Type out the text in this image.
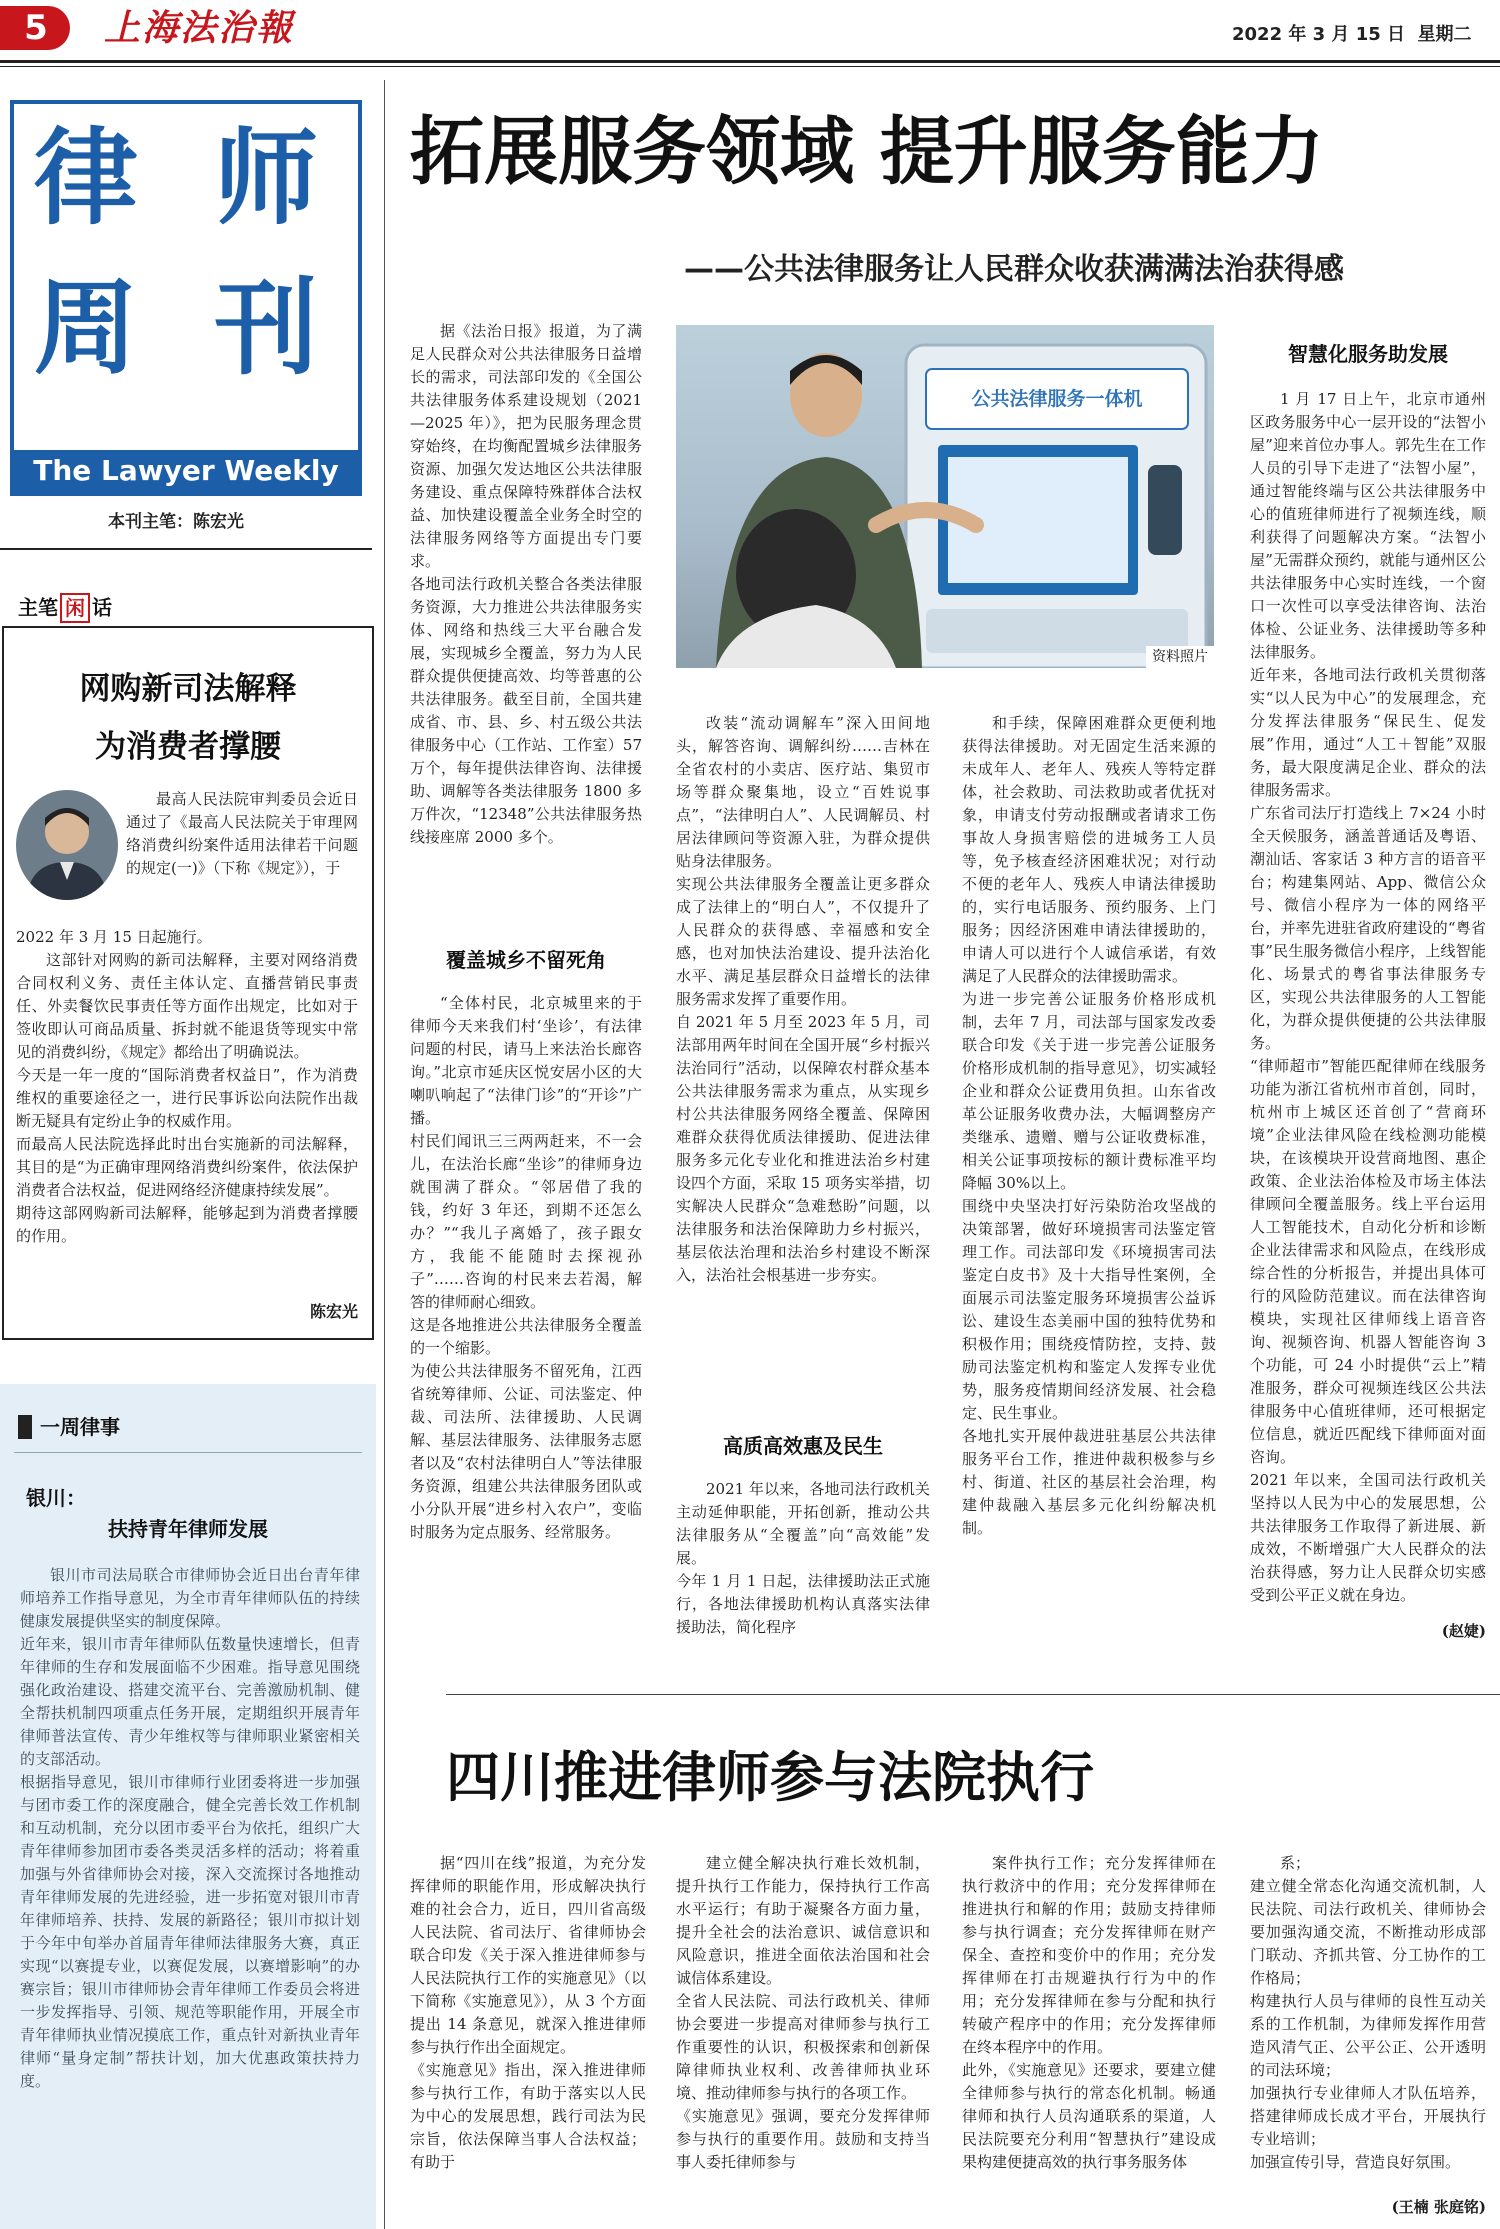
5 上海法治報	2022 年 3 月 15 日 星期二
律 师
周 刊
The Lawyer Weekly
本刊主笔：陈宏光
主笔 闲 话
网购新司法解释
为消费者撑腰
最高人民法院审判委员会近日通过了《最高人民法院关于审理网络消费纠纷案件适用法律若干问题的规定(一)》（下称《规定》），于
2022 年 3 月 15 日起施行。
这部针对网购的新司法解释，主要对网络消费合同权利义务、责任主体认定、直播营销民事责任、外卖餐饮民事责任等方面作出规定，比如对于签收即认可商品质量、拆封就不能退货等现实中常见的消费纠纷，《规定》都给出了明确说法。
今天是一年一度的“国际消费者权益日”，作为消费维权的重要途径之一，进行民事诉讼向法院作出裁断无疑具有定纷止争的权威作用。
而最高人民法院选择此时出台实施新的司法解释，其目的是“为正确审理网络消费纠纷案件，依法保护消费者合法权益，促进网络经济健康持续发展”。
期待这部网购新司法解释，能够起到为消费者撑腰的作用。
陈宏光
一周律事
银川：
扶持青年律师发展
银川市司法局联合市律师协会近日出台青年律师培养工作指导意见，为全市青年律师队伍的持续健康发展提供坚实的制度保障。
近年来，银川市青年律师队伍数量快速增长，但青年律师的生存和发展面临不少困难。指导意见围绕强化政治建设、搭建交流平台、完善激励机制、健全帮扶机制四项重点任务开展，定期组织开展青年律师普法宣传、青少年维权等与律师职业紧密相关的支部活动。
根据指导意见，银川市律师行业团委将进一步加强与团市委工作的深度融合，健全完善长效工作机制和互动机制，充分以团市委平台为依托，组织广大青年律师参加团市委各类灵活多样的活动；将着重加强与外省律师协会对接，深入交流探讨各地推动青年律师发展的先进经验，进一步拓宽对银川市青年律师培养、扶持、发展的新路径；银川市拟计划于今年中旬举办首届青年律师法律服务大赛，真正实现“以赛提专业，以赛促发展，以赛增影响”的办赛宗旨；银川市律师协会青年律师工作委员会将进一步发挥指导、引领、规范等职能作用，开展全市青年律师执业情况摸底工作，重点针对新执业青年律师“量身定制”帮扶计划，加大优惠政策扶持力度。
拓展服务领域 提升服务能力
——公共法律服务让人民群众收获满满法治获得感
据《法治日报》报道，为了满足人民群众对公共法律服务日益增长的需求，司法部印发的《全国公共法律服务体系建设规划（2021—2025 年）》，把为民服务理念贯穿始终，在均衡配置城乡法律服务资源、加强欠发达地区公共法律服务建设、重点保障特殊群体合法权益、加快建设覆盖全业务全时空的法律服务网络等方面提出专门要求。
各地司法行政机关整合各类法律服务资源，大力推进公共法律服务实体、网络和热线三大平台融合发展，实现城乡全覆盖，努力为人民群众提供便捷高效、均等普惠的公共法律服务。截至目前，全国共建成省、市、县、乡、村五级公共法律服务中心（工作站、工作室）57 万个，每年提供法律咨询、法律援助、调解等各类法律服务 1800 多万件次，“12348”公共法律服务热线接座席 2000 多个。
覆盖城乡不留死角
“全体村民，北京城里来的于律师今天来我们村‘坐诊’，有法律问题的村民，请马上来法治长廊咨询。”北京市延庆区悦安居小区的大喇叭响起了“法律门诊”的“开诊”广播。
村民们闻讯三三两两赶来，不一会儿，在法治长廊“坐诊”的律师身边就围满了群众。“邻居借了我的钱，约好 3 年还，到期不还怎么办？”“我儿子离婚了，孩子跟女方，我能不能随时去探视孙子”……咨询的村民来去若渴，解答的律师耐心细致。
这是各地推进公共法律服务全覆盖的一个缩影。
为使公共法律服务不留死角，江西省统筹律师、公证、司法鉴定、仲裁、司法所、法律援助、人民调解、基层法律服务、法律服务志愿者以及“农村法律明白人”等法律服务资源，组建公共法律服务团队或小分队开展“进乡村入农户”，变临时服务为定点服务、经常服务。
公共法律服务一体机
资料照片
改装“流动调解车”深入田间地头，解答咨询、调解纠纷……吉林在全省农村的小卖店、医疗站、集贸市场等群众聚集地，设立“百姓说事点”，“法律明白人”、人民调解员、村居法律顾问等资源入驻，为群众提供贴身法律服务。
实现公共法律服务全覆盖让更多群众成了法律上的“明白人”，不仅提升了人民群众的获得感、幸福感和安全感，也对加快法治建设、提升法治化水平、满足基层群众日益增长的法律服务需求发挥了重要作用。
自 2021 年 5 月至 2023 年 5 月，司法部用两年时间在全国开展“乡村振兴 法治同行”活动，以保障农村群众基本公共法律服务需求为重点，从实现乡村公共法律服务网络全覆盖、保障困难群众获得优质法律援助、促进法律服务多元化专业化和推进法治乡村建设四个方面，采取 15 项务实举措，切实解决人民群众“急难愁盼”问题，以法律服务和法治保障助力乡村振兴，基层依法治理和法治乡村建设不断深入，法治社会根基进一步夯实。
高质高效惠及民生
2021 年以来，各地司法行政机关主动延伸职能，开拓创新，推动公共法律服务从“全覆盖”向“高效能”发展。
今年 1 月 1 日起，法律援助法正式施行，各地法律援助机构认真落实法律援助法，简化程序
和手续，保障困难群众更便利地获得法律援助。对无固定生活来源的未成年人、老年人、残疾人等特定群体，社会救助、司法救助或者优抚对象，申请支付劳动报酬或者请求工伤事故人身损害赔偿的进城务工人员等，免予核查经济困难状况；对行动不便的老年人、残疾人申请法律援助的，实行电话服务、预约服务、上门服务；因经济困难申请法律援助的，申请人可以进行个人诚信承诺，有效满足了人民群众的法律援助需求。
为进一步完善公证服务价格形成机制，去年 7 月，司法部与国家发改委联合印发《关于进一步完善公证服务价格形成机制的指导意见》，切实减轻企业和群众公证费用负担。山东省改革公证服务收费办法，大幅调整房产类继承、遗赠、赠与公证收费标准，相关公证事项按标的额计费标准平均降幅 30%以上。
围绕中央坚决打好污染防治攻坚战的决策部署，做好环境损害司法鉴定管理工作。司法部印发《环境损害司法鉴定白皮书》及十大指导性案例，全面展示司法鉴定服务环境损害公益诉讼、建设生态美丽中国的独特优势和积极作用；围绕疫情防控，支持、鼓励司法鉴定机构和鉴定人发挥专业优势，服务疫情期间经济发展、社会稳定、民生事业。
各地扎实开展仲裁进驻基层公共法律服务平台工作，推进仲裁积极参与乡村、街道、社区的基层社会治理，构建仲裁融入基层多元化纠纷解决机制。
智慧化服务助发展
1 月 17 日上午，北京市通州区政务服务中心一层开设的“法智小屋”迎来首位办事人。郭先生在工作人员的引导下走进了“法智小屋”，通过智能终端与区公共法律服务中心的值班律师进行了视频连线，顺利获得了问题解决方案。“法智小屋”无需群众预约，就能与通州区公共法律服务中心实时连线，一个窗口一次性可以享受法律咨询、法治体检、公证业务、法律援助等多种法律服务。
近年来，各地司法行政机关贯彻落实“以人民为中心”的发展理念，充分发挥法律服务“保民生、促发展”作用，通过“人工＋智能”双服务，最大限度满足企业、群众的法律服务需求。
广东省司法厅打造线上 7×24 小时全天候服务，涵盖普通话及粤语、潮汕话、客家话 3 种方言的语音平台；构建集网站、App、微信公众号、微信小程序为一体的网络平台，并率先进驻省政府建设的“粤省事”民生服务微信小程序，上线智能化、场景式的粤省事法律服务专区，实现公共法律服务的人工智能化，为群众提供便捷的公共法律服务。
“律师超市”智能匹配律师在线服务功能为浙江省杭州市首创，同时，杭州市上城区还首创了“营商环境”企业法律风险在线检测功能模块，在该模块开设营商地图、惠企政策、企业法治体检及市场主体法律顾问全覆盖服务。线上平台运用人工智能技术，自动化分析和诊断企业法律需求和风险点，在线形成综合性的分析报告，并提出具体可行的风险防范建议。而在法律咨询模块，实现社区律师线上语音咨询、视频咨询、机器人智能咨询 3 个功能，可 24 小时提供“云上”精准服务，群众可视频连线区公共法律服务中心值班律师，还可根据定位信息，就近匹配线下律师面对面咨询。
2021 年以来，全国司法行政机关坚持以人民为中心的发展思想，公共法律服务工作取得了新进展、新成效，不断增强广大人民群众的法治获得感，努力让人民群众切实感受到公平正义就在身边。
(赵婕)
四川推进律师参与法院执行
据“四川在线”报道，为充分发挥律师的职能作用，形成解决执行难的社会合力，近日，四川省高级人民法院、省司法厅、省律师协会联合印发《关于深入推进律师参与人民法院执行工作的实施意见》（以下简称《实施意见》），从 3 个方面提出 14 条意见，就深入推进律师参与执行作出全面规定。
《实施意见》指出，深入推进律师参与执行工作，有助于落实以人民为中心的发展思想，践行司法为民宗旨，依法保障当事人合法权益；有助于
建立健全解决执行难长效机制，提升执行工作能力，保持执行工作高水平运行；有助于凝聚各方面力量，提升全社会的法治意识、诚信意识和风险意识，推进全面依法治国和社会诚信体系建设。
全省人民法院、司法行政机关、律师协会要进一步提高对律师参与执行工作重要性的认识，积极探索和创新保障律师执业权利、改善律师执业环境、推动律师参与执行的各项工作。
《实施意见》强调，要充分发挥律师参与执行的重要作用。鼓励和支持当事人委托律师参与
案件执行工作；充分发挥律师在执行救济中的作用；充分发挥律师在推进执行和解的作用；鼓励支持律师参与执行调查；充分发挥律师在财产保全、查控和变价中的作用；充分发挥律师在打击规避执行行为中的作用；充分发挥律师在参与分配和执行转破产程序中的作用；充分发挥律师在终本程序中的作用。
此外，《实施意见》还要求，要建立健全律师参与执行的常态化机制。畅通律师和执行人员沟通联系的渠道，人民法院要充分利用“智慧执行”建设成果构建便捷高效的执行事务服务体
系；
建立健全常态化沟通交流机制，人民法院、司法行政机关、律师协会要加强沟通交流，不断推动形成部门联动、齐抓共管、分工协作的工作格局；
构建执行人员与律师的良性互动关系的工作机制，为律师发挥作用营造风清气正、公平公正、公开透明的司法环境；
加强执行专业律师人才队伍培养，搭建律师成长成才平台，开展执行专业培训；
加强宣传引导，营造良好氛围。
(王楠 张庭铭)
